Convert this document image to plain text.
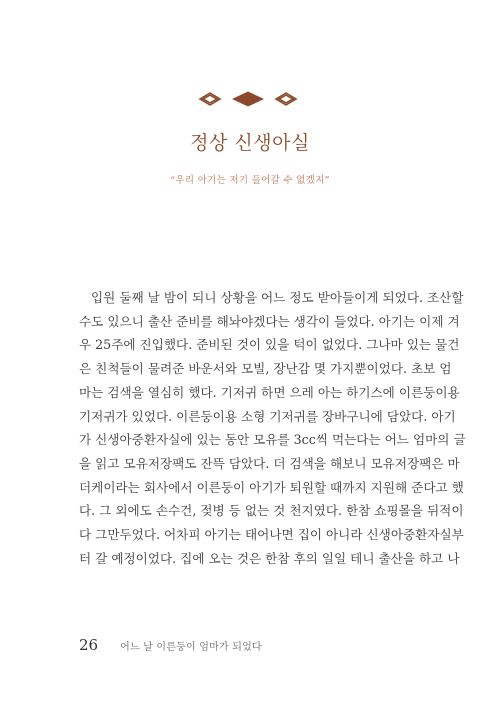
정상 신생아실
“우리 아기는 저기 들어갈 수 없겠지”
입원 둘째 날 밤이 되니 상황을 어느 정도 받아들이게 되었다. 조산할
수도 있으니 출산 준비를 해놔야겠다는 생각이 들었다. 아기는 이제 겨
우 25주에 진입했다. 준비된 것이 있을 턱이 없었다. 그나마 있는 물건
은 친척들이 물려준 바운서와 모빌, 장난감 몇 가지뿐이었다. 초보 엄
마는 검색을 열심히 했다. 기저귀 하면 으레 아는 하기스에 이른둥이용
기저귀가 있었다. 이른둥이용 소형 기저귀를 장바구니에 담았다. 아기
가 신생아중환자실에 있는 동안 모유를 3cc씩 먹는다는 어느 엄마의 글
을 읽고 모유저장팩도 잔뜩 담았다. 더 검색을 해보니 모유저장팩은 마
더케이라는 회사에서 이른둥이 아기가 퇴원할 때까지 지원해 준다고 했
다. 그 외에도 손수건, 젖병 등 없는 것 천지였다. 한참 쇼핑몰을 뒤적이
다 그만두었다. 어차피 아기는 태어나면 집이 아니라 신생아중환자실부
터 갈 예정이었다. 집에 오는 것은 한참 후의 일일 테니 출산을 하고 나
26 어느 날 이른둥이 엄마가 되었다
